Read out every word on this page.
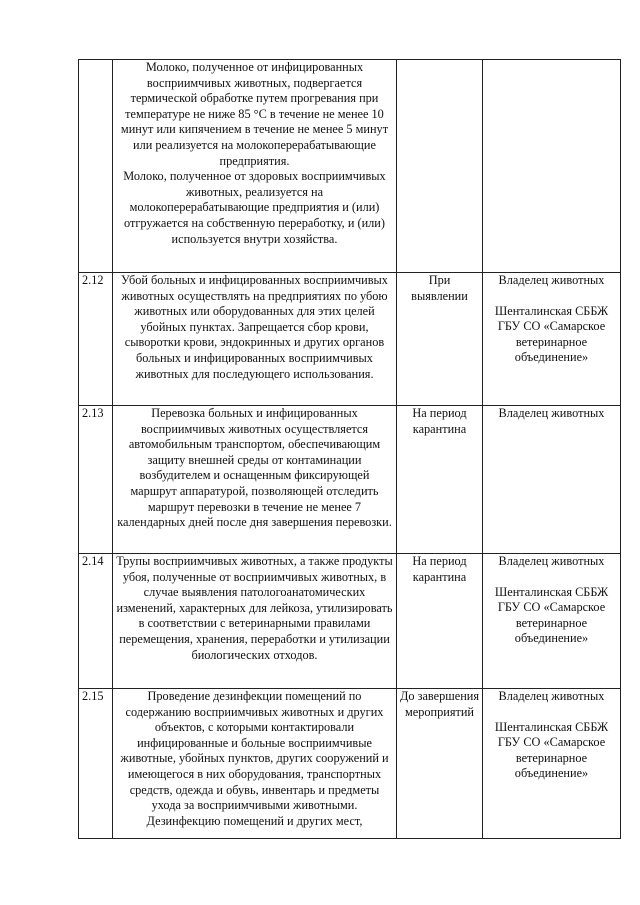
	Молоко, полученное от инфицированных восприимчивых животных, подвергается термической обработке путем прогревания при температуре не ниже 85 °С в течение не менее 10 минут или кипячением в течение не менее 5 минут или реализуется на молокоперерабатывающие предприятия.
Молоко, полученное от здоровых восприимчивых животных, реализуется на молокоперерабатывающие предприятия и (или) отгружается на собственную переработку, и (или) используется внутри хозяйства.		

2.12	Убой больных и инфицированных восприимчивых животных осуществлять на предприятиях по убою животных или оборудованных для этих целей убойных пунктах. Запрещается сбор крови, сыворотки крови, эндокринных и других органов больных и инфицированных восприимчивых животных для последующего использования.	При выявлении	Владелец животных
Шенталинская СББЖ ГБУ СО «Самарское ветеринарное объединение»

2.13	Перевозка больных и инфицированных восприимчивых животных осуществляется автомобильным транспортом, обеспечивающим защиту внешней среды от контаминации возбудителем и оснащенным фиксирующей маршрут аппаратурой, позволяющей отследить маршрут перевозки в течение не менее 7 календарных дней после дня завершения перевозки.	На период карантина	Владелец животных

2.14	Трупы восприимчивых животных, а также продукты убоя, полученные от восприимчивых животных, в случае выявления патологоанатомических изменений, характерных для лейкоза, утилизировать в соответствии с ветеринарными правилами перемещения, хранения, переработки и утилизации биологических отходов.	На период карантина	Владелец животных
Шенталинская СББЖ ГБУ СО «Самарское ветеринарное объединение»

2.15	Проведение дезинфекции помещений по содержанию восприимчивых животных и других объектов, с которыми контактировали инфицированные и больные восприимчивые животные, убойных пунктов, других сооружений и имеющегося в них оборудования, транспортных средств, одежда и обувь, инвентарь и предметы ухода за восприимчивыми животными.
Дезинфекцию помещений и других мест,	До завершения мероприятий	Владелец животных
Шенталинская СББЖ ГБУ СО «Самарское ветеринарное объединение»
